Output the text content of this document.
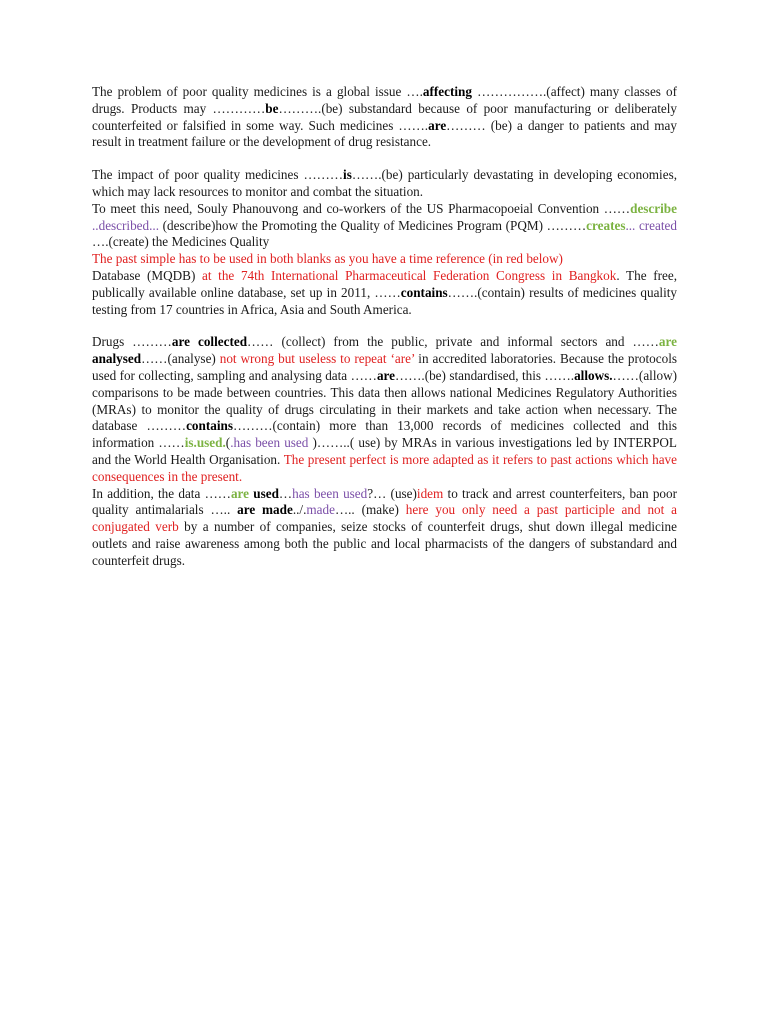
The problem of poor quality medicines is a global issue ….affecting …………….(affect) many classes of drugs. Products may …………be……….(be) substandard because of poor manufacturing or deliberately counterfeited or falsified in some way. Such medicines …….are……… (be) a danger to patients and may result in treatment failure or the development of drug resistance.

The impact of poor quality medicines ………is…….(be) particularly devastating in developing economies, which may lack resources to monitor and combat the situation.

To meet this need, Souly Phanouvong and co-workers of the US Pharmacopoeial Convention ……describe ..described... (describe)how the Promoting the Quality of Medicines Program (PQM) ………creates... created ….(create) the Medicines Quality

The past simple has to be used in both blanks as you have a time reference (in red below)

Database (MQDB) at the 74th International Pharmaceutical Federation Congress in Bangkok. The free, publically available online database, set up in 2011, ……contains…….(contain) results of medicines quality testing from 17 countries in Africa, Asia and South America.

Drugs ………are collected…… (collect) from the public, private and informal sectors and ……are analysed……(analyse) not wrong but useless to repeat ‘are’ in accredited laboratories. Because the protocols used for collecting, sampling and analysing data ……are…….(be) standardised, this …….allows.……(allow) comparisons to be made between countries. This data then allows national Medicines Regulatory Authorities (MRAs) to monitor the quality of drugs circulating in their markets and take action when necessary. The database ………contains………(contain) more than 13,000 records of medicines collected and this information ……is.used.(.has been used )……..( use) by MRAs in various investigations led by INTERPOL and the World Health Organisation. The present perfect is more adapted as it refers to past actions which have consequences in the present.

In addition, the data ……are used…has been used?… (use)idem to track and arrest counterfeiters, ban poor quality antimalarials ….. are made../.made….. (make) here you only need a past participle and not a conjugated verb by a number of companies, seize stocks of counterfeit drugs, shut down illegal medicine outlets and raise awareness among both the public and local pharmacists of the dangers of substandard and counterfeit drugs.
